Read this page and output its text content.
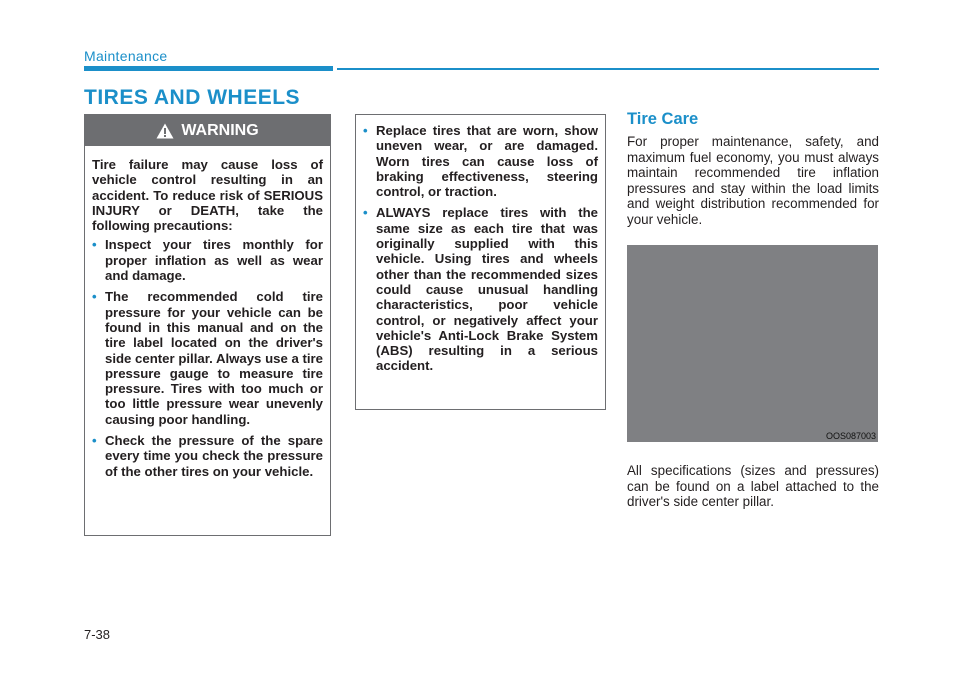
Maintenance
TIRES AND WHEELS
WARNING

Tire failure may cause loss of vehicle control resulting in an accident. To reduce risk of SERIOUS INJURY or DEATH, take the following precautions:

• Inspect your tires monthly for proper inflation as well as wear and damage.
• The recommended cold tire pressure for your vehicle can be found in this manual and on the tire label located on the driver's side center pillar. Always use a tire pressure gauge to measure tire pressure. Tires with too much or too little pressure wear unevenly causing poor handling.
• Check the pressure of the spare every time you check the pressure of the other tires on your vehicle.
• Replace tires that are worn, show uneven wear, or are damaged. Worn tires can cause loss of braking effectiveness, steering control, or traction.
• ALWAYS replace tires with the same size as each tire that was originally supplied with this vehicle. Using tires and wheels other than the recommended sizes could cause unusual handling characteristics, poor vehicle control, or negatively affect your vehicle's Anti-Lock Brake System (ABS) resulting in a serious accident.
Tire Care

For proper maintenance, safety, and maximum fuel economy, you must always maintain recommended tire inflation pressures and stay within the load limits and weight distribution recommended for your vehicle.

OOS087003

All specifications (sizes and pressures) can be found on a label attached to the driver's side center pillar.

7-38
